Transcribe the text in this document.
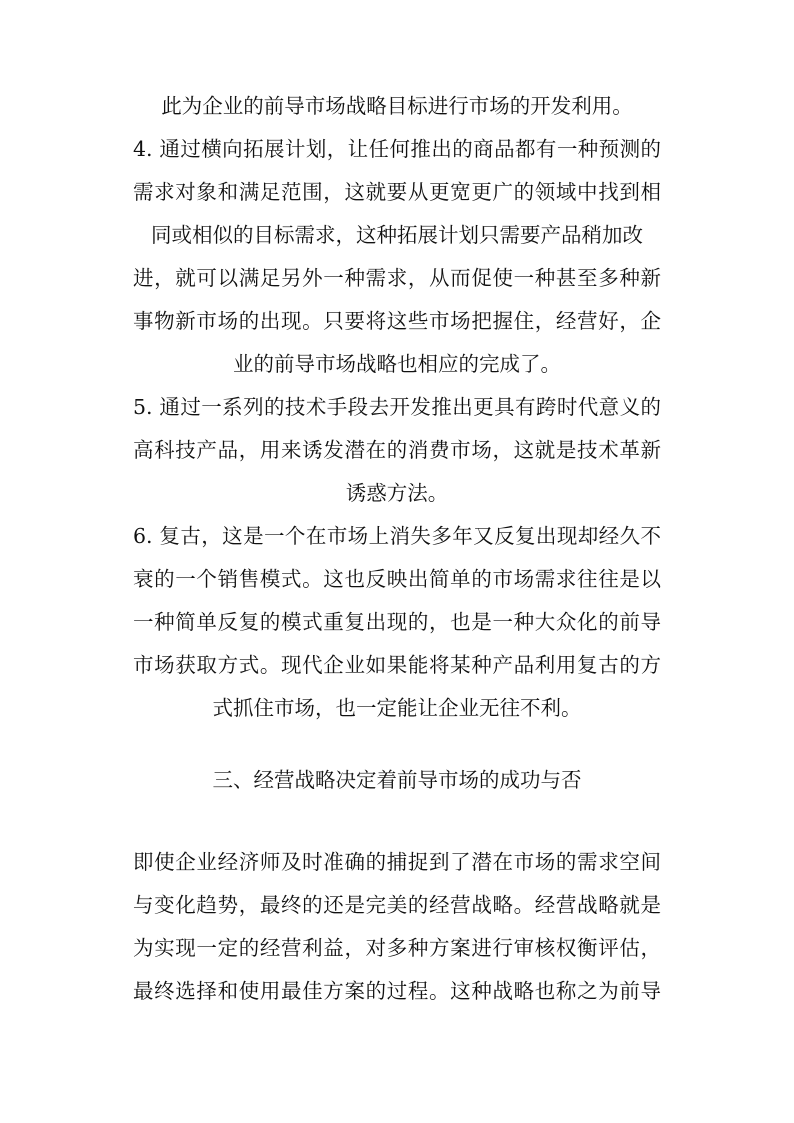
此为企业的前导市场战略目标进行市场的开发利用。
4. 通过横向拓展计划，让任何推出的商品都有一种预测的
需求对象和满足范围，这就要从更宽更广的领域中找到相
同或相似的目标需求，这种拓展计划只需要产品稍加改
进，就可以满足另外一种需求，从而促使一种甚至多种新
事物新市场的出现。只要将这些市场把握住，经营好，企
业的前导市场战略也相应的完成了。
5. 通过一系列的技术手段去开发推出更具有跨时代意义的
高科技产品，用来诱发潜在的消费市场，这就是技术革新
诱惑方法。
6. 复古，这是一个在市场上消失多年又反复出现却经久不
衰的一个销售模式。这也反映出简单的市场需求往往是以
一种简单反复的模式重复出现的，也是一种大众化的前导
市场获取方式。现代企业如果能将某种产品利用复古的方
式抓住市场，也一定能让企业无往不利。
三、经营战略决定着前导市场的成功与否
即使企业经济师及时准确的捕捉到了潜在市场的需求空间
与变化趋势，最终的还是完美的经营战略。经营战略就是
为实现一定的经营利益，对多种方案进行审核权衡评估，
最终选择和使用最佳方案的过程。这种战略也称之为前导
